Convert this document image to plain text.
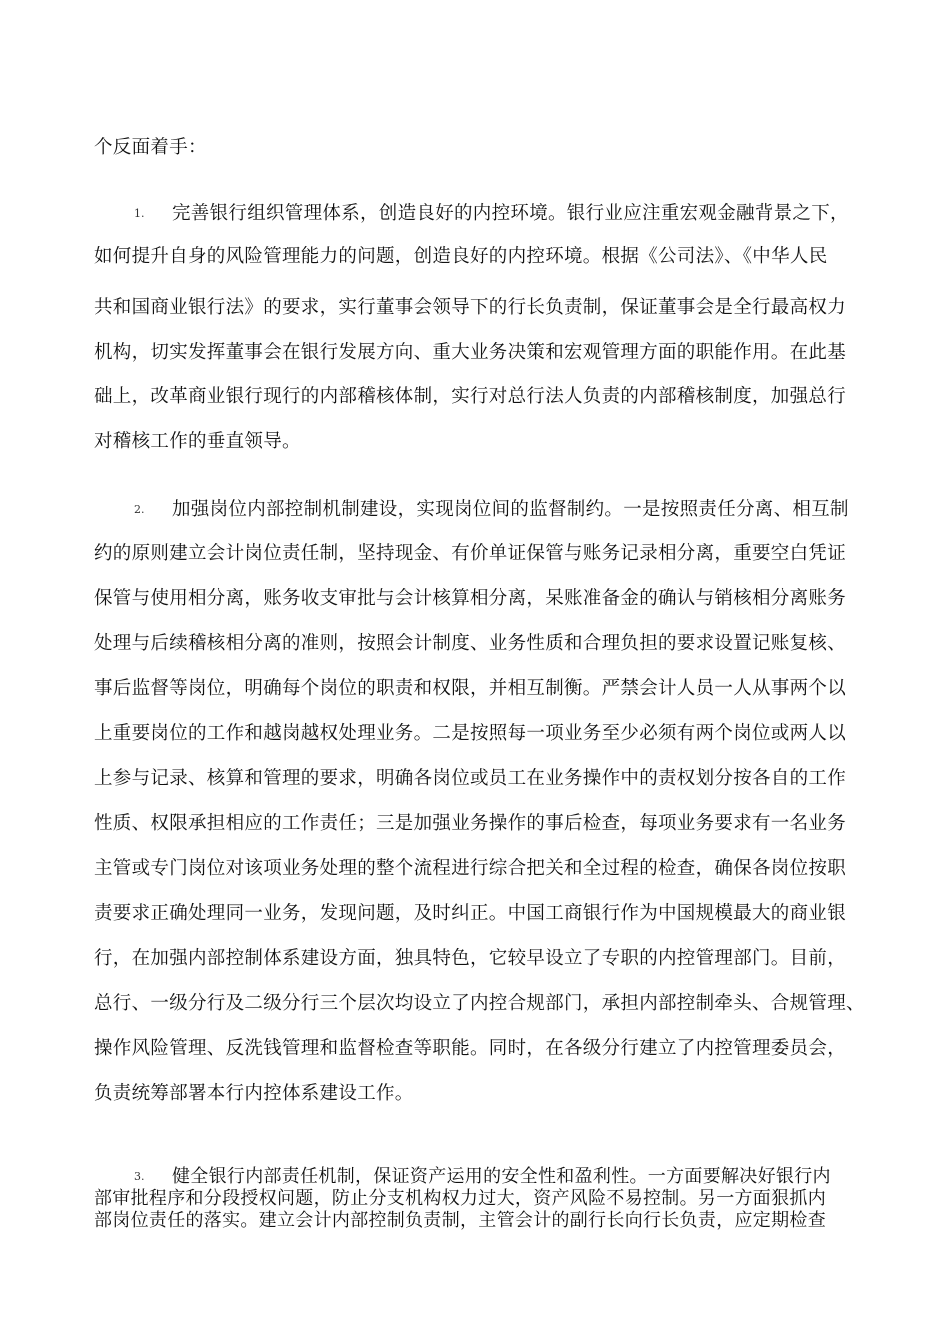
个反面着手：
1. 完善银行组织管理体系，创造良好的内控环境。银行业应注重宏观金融背景之下，
如何提升自身的风险管理能力的问题，创造良好的内控环境。根据《公司法》、《中华人民
共和国商业银行法》的要求，实行董事会领导下的行长负责制，保证董事会是全行最高权力
机构，切实发挥董事会在银行发展方向、重大业务决策和宏观管理方面的职能作用。在此基
础上，改革商业银行现行的内部稽核体制，实行对总行法人负责的内部稽核制度，加强总行
对稽核工作的垂直领导。
2. 加强岗位内部控制机制建设，实现岗位间的监督制约。一是按照责任分离、相互制
约的原则建立会计岗位责任制，坚持现金、有价单证保管与账务记录相分离，重要空白凭证
保管与使用相分离，账务收支审批与会计核算相分离，呆账准备金的确认与销核相分离账务
处理与后续稽核相分离的准则，按照会计制度、业务性质和合理负担的要求设置记账复核、
事后监督等岗位，明确每个岗位的职责和权限，并相互制衡。严禁会计人员一人从事两个以
上重要岗位的工作和越岗越权处理业务。二是按照每一项业务至少必须有两个岗位或两人以
上参与记录、核算和管理的要求，明确各岗位或员工在业务操作中的责权划分按各自的工作
性质、权限承担相应的工作责任；三是加强业务操作的事后检查，每项业务要求有一名业务
主管或专门岗位对该项业务处理的整个流程进行综合把关和全过程的检查，确保各岗位按职
责要求正确处理同一业务，发现问题，及时纠正。中国工商银行作为中国规模最大的商业银
行，在加强内部控制体系建设方面，独具特色，它较早设立了专职的内控管理部门。目前，
总行、一级分行及二级分行三个层次均设立了内控合规部门，承担内部控制牵头、合规管理、
操作风险管理、反洗钱管理和监督检查等职能。同时，在各级分行建立了内控管理委员会，
负责统筹部署本行内控体系建设工作。
3. 健全银行内部责任机制，保证资产运用的安全性和盈利性。一方面要解决好银行内
部审批程序和分段授权问题，防止分支机构权力过大，资产风险不易控制。另一方面狠抓内
部岗位责任的落实。建立会计内部控制负责制，主管会计的副行长向行长负责，应定期检查
